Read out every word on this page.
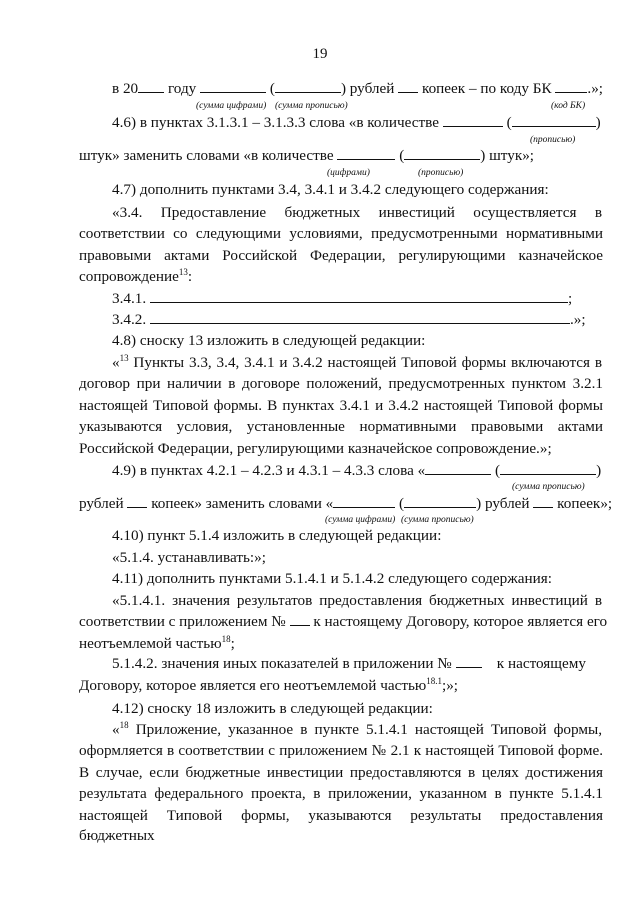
19
в 20 году	(	) рублей копеек – по коду БК .»;
(сумма цифрами) (сумма прописью)	(код БК)
4.6) в пунктах 3.1.3.1 – 3.1.3.3 слова «в количестве	(	)
(прописью)
штук» заменить словами «в количестве	(	) штук»;
(цифрами)	(прописью)
4.7) дополнить пунктами 3.4, 3.4.1 и 3.4.2 следующего содержания:
«3.4. Предоставление бюджетных инвестиций осуществляется в
соответствии со следующими условиями, предусмотренными нормативными
правовыми актами Российской Федерации, регулирующими казначейское
сопровождение$^{13}$:
3.4.1.	;
3.4.2.	.»;
4.8) сноску 13 изложить в следующей редакции:
«$^{13}$ Пункты 3.3, 3.4, 3.4.1 и 3.4.2 настоящей Типовой формы включаются в
договор при наличии в договоре положений, предусмотренных пунктом 3.2.1
настоящей Типовой формы. В пунктах 3.4.1 и 3.4.2 настоящей Типовой формы
указываются условия, установленные нормативными правовыми актами
Российской Федерации, регулирующими казначейское сопровождение.»;
4.9) в пунктах 4.2.1 – 4.2.3 и 4.3.1 – 4.3.3 слова «	(	)
(сумма прописью)
рублей копеек» заменить словами «	(	) рублей копеек»;
(сумма цифрами) (сумма прописью)
4.10) пункт 5.1.4 изложить в следующей редакции:
«5.1.4. устанавливать:»;
4.11) дополнить пунктами 5.1.4.1 и 5.1.4.2 следующего содержания:
«5.1.4.1. значения результатов предоставления бюджетных инвестиций в
соответствии с приложением № к настоящему Договору, которое является его
неотъемлемой частью$^{18}$;
5.1.4.2. значения иных показателей в приложении №	к настоящему
Договору, которое является его неотъемлемой частью$^{18.1}$;»;
4.12) сноску 18 изложить в следующей редакции:
«$^{18}$ Приложение, указанное в пункте 5.1.4.1 настоящей Типовой формы,
оформляется в соответствии с приложением № 2.1 к настоящей Типовой форме.
В случае, если бюджетные инвестиции предоставляются в целях достижения
результата федерального проекта, в приложении, указанном в пункте 5.1.4.1
настоящей Типовой формы, указываются результаты предоставления бюджетных
